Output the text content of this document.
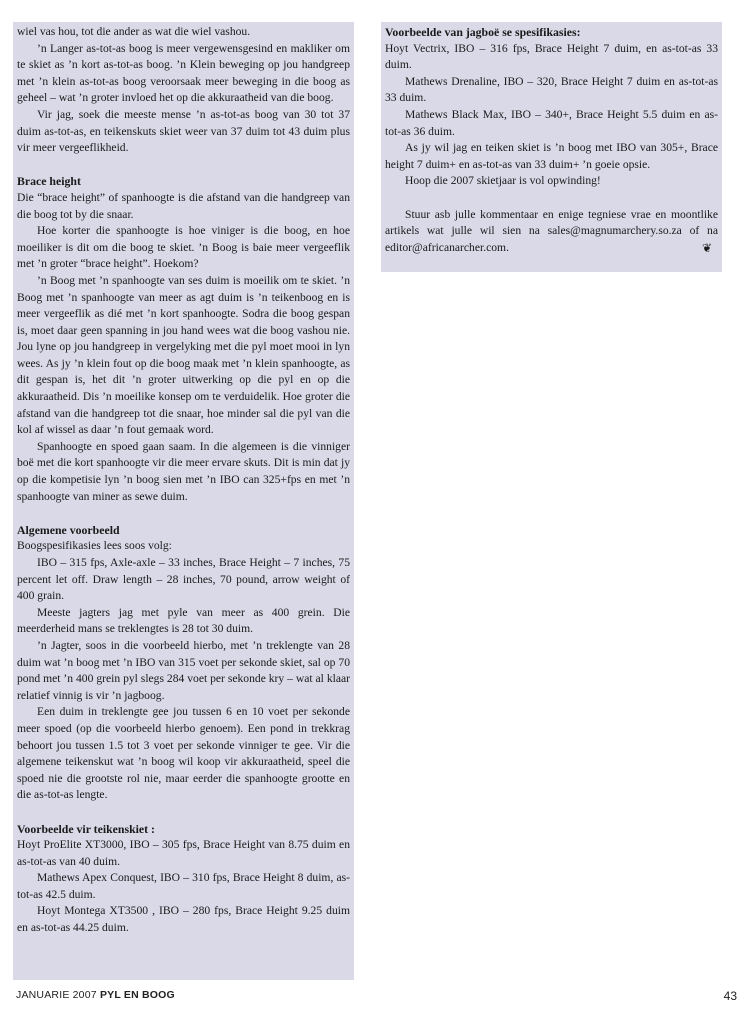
wiel vas hou, tot die ander as wat die wiel vashou.

’n Langer as-tot-as boog is meer vergewensgesind en makliker om te skiet as ’n kort as-tot-as boog. ’n Klein beweging op jou handgreep met ’n klein as-tot-as boog veroorsaak meer beweging in die boog as geheel – wat ’n groter invloed het op die akkuraatheid van die boog.

Vir jag, soek die meeste mense ’n as-tot-as boog van 30 tot 37 duim as-tot-as, en teikenskuts skiet weer van 37 duim tot 43 duim plus vir meer vergeeflikheid.

Brace height

Die “brace height” of spanhoogte is die afstand van die handgreep van die boog tot by die snaar.

Hoe korter die spanhoogte is hoe viniger is die boog, en hoe moeiliker is dit om die boog te skiet. ’n Boog is baie meer vergeeflik met ’n groter “brace height”. Hoekom?

’n Boog met ’n spanhoogte van ses duim is moeilik om te skiet. ’n Boog met ’n spanhoogte van meer as agt duim is ’n teikenboog en is meer vergeeflik as dié met ’n kort spanhoogte. Sodra die boog gespan is, moet daar geen spanning in jou hand wees wat die boog vashou nie. Jou lyne op jou handgreep in vergelyking met die pyl moet mooi in lyn wees. As jy ’n klein fout op die boog maak met ’n klein spanhoogte, as dit gespan is, het dit ’n groter uitwerking op die pyl en op die akkuraatheid. Dis ’n moeilike konsep om te verduidelik. Hoe groter die afstand van die handgreep tot die snaar, hoe minder sal die pyl van die kol af wissel as daar ’n fout gemaak word.

Spanhoogte en spoed gaan saam. In die algemeen is die vinniger boë met die kort spanhoogte vir die meer ervare skuts. Dit is min dat jy op die kompetisie lyn ’n boog sien met ’n IBO can 325+fps en met ’n spanhoogte van miner as sewe duim.

Algemene voorbeeld

Boogspesifikasies lees soos volg:

IBO – 315 fps, Axle-axle – 33 inches, Brace Height – 7 inches, 75 percent let off. Draw length – 28 inches, 70 pound, arrow weight of 400 grain.

Meeste jagters jag met pyle van meer as 400 grein. Die meerderheid mans se treklengtes is 28 tot 30 duim.

’n Jagter, soos in die voorbeeld hierbo, met ’n treklengte van 28 duim wat ’n boog met ’n IBO van 315 voet per sekonde skiet, sal op 70 pond met ’n 400 grein pyl slegs 284 voet per sekonde kry – wat al klaar relatief vinnig is vir ’n jagboog.

Een duim in treklengte gee jou tussen 6 en 10 voet per sekonde meer spoed (op die voorbeeld hierbo genoem). Een pond in trekkrag behoort jou tussen 1.5 tot 3 voet per sekonde vinniger te gee. Vir die algemene teikenskut wat ’n boog wil koop vir akkuraatheid, speel die spoed nie die grootste rol nie, maar eerder die spanhoogte grootte en die as-tot-as lengte.

Voorbeelde vir teikenskiet :

Hoyt ProElite XT3000, IBO – 305 fps, Brace Height van 8.75 duim en as-tot-as van 40 duim.

Mathews Apex Conquest, IBO – 310 fps, Brace Height 8 duim, as-tot-as 42.5 duim.

Hoyt Montega XT3500 , IBO – 280 fps, Brace Height 9.25 duim en as-tot-as 44.25 duim.

Voorbeelde van jagboë se spesifikasies:

Hoyt Vectrix, IBO – 316 fps, Brace Height 7 duim, en as-tot-as 33 duim.

Mathews Drenaline, IBO – 320, Brace Height 7 duim en as-tot-as 33 duim.

Mathews Black Max, IBO – 340+, Brace Height 5.5 duim en as-tot-as 36 duim.

As jy wil jag en teiken skiet is ’n boog met IBO van 305+, Brace height 7 duim+ en as-tot-as van 33 duim+ ’n goeie opsie.

Hoop die 2007 skietjaar is vol opwinding!

Stuur asb julle kommentaar en enige tegniese vrae en moontlike artikels wat julle wil sien na sales@magnumarchery.so.za of na editor@africanarcher.com.	❦

JANUARIE 2007 PYL EN BOOG	43
